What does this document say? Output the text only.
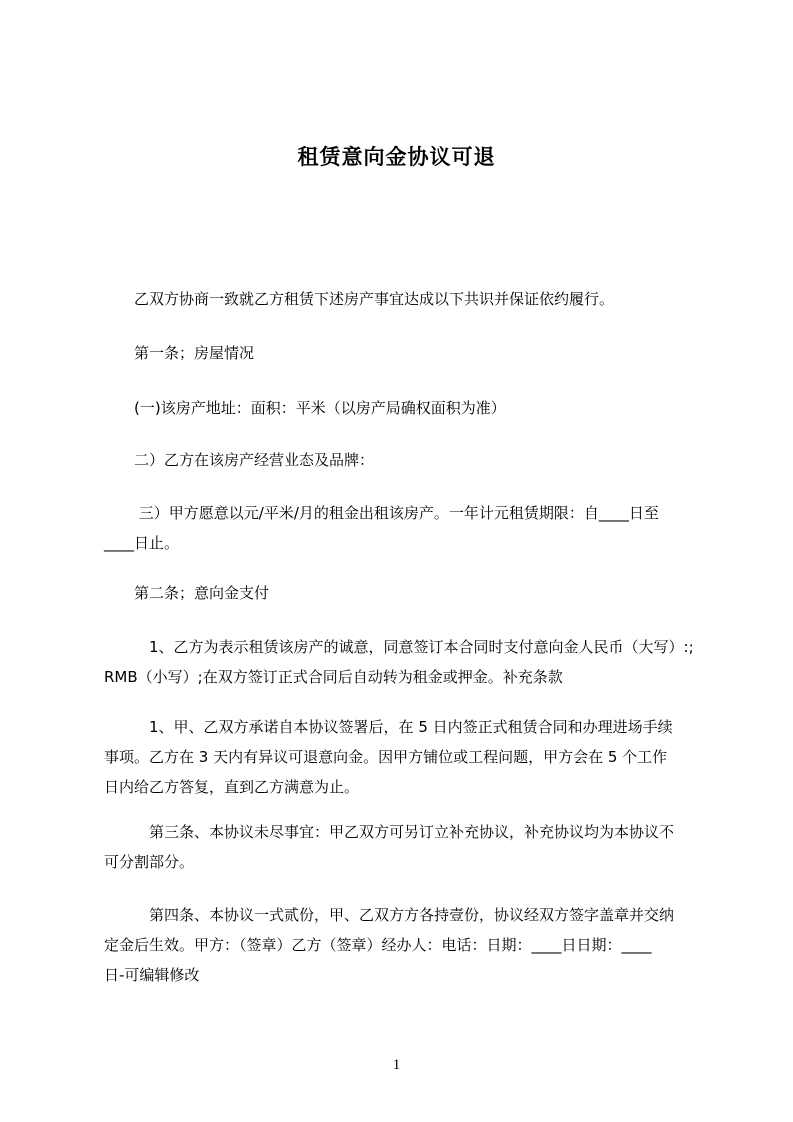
租赁意向金协议可退
　　乙双方协商一致就乙方租赁下述房产事宜达成以下共识并保证依约履行。
　　第一条；房屋情况
　　(一)该房产地址：面积：平米（以房产局确权面积为准）
　　二）乙方在该房产经营业态及品牌：
　　 三）甲方愿意以元/平米/月的租金出租该房产。一年计元租赁期限：自____日至
____日止。
　　第二条；意向金支付
　　　1、乙方为表示租赁该房产的诚意，同意签订本合同时支付意向金人民币（大写）:;
RMB（小写）;在双方签订正式合同后自动转为租金或押金。补充条款
　　　1、甲、乙双方承诺自本协议签署后，在 5 日内签正式租赁合同和办理进场手续
事项。乙方在 3 天内有异议可退意向金。因甲方铺位或工程问题，甲方会在 5 个工作
日内给乙方答复，直到乙方满意为止。
　　　第三条、本协议未尽事宜：甲乙双方可另订立补充协议，补充协议均为本协议不
可分割部分。
　　　第四条、本协议一式贰份，甲、乙双方方各持壹份，协议经双方签字盖章并交纳
定金后生效。甲方：（签章）乙方（签章）经办人：电话：日期：____日日期：____
日-可编辑修改
1
